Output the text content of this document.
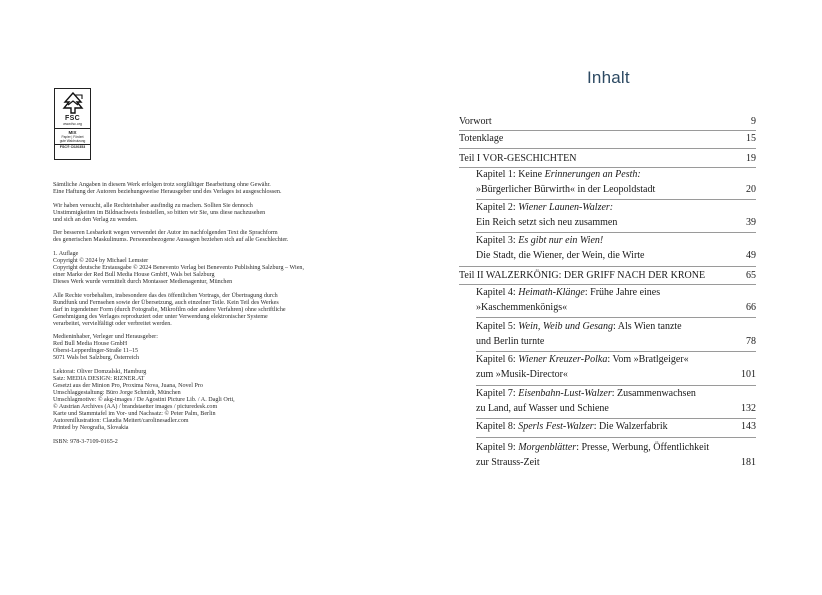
FSC
www.fsc.org
MIX
Papier | Fördert
gute Waldnutzung
FSC® C020353
Sämtliche Angaben in diesem Werk erfolgen trotz sorgfältiger Bearbeitung ohne Gewähr.
Eine Haftung der Autoren beziehungsweise Herausgeber und des Verlages ist ausgeschlossen.
Wir haben versucht, alle Rechteinhaber ausfindig zu machen. Sollten Sie dennoch
Unstimmigkeiten im Bildnachweis feststellen, so bitten wir Sie, uns diese nachzusehen
und sich an den Verlag zu wenden.
Der besseren Lesbarkeit wegen verwendet der Autor im nachfolgenden Text die Sprachform
des generischen Maskulinums. Personenbezogene Aussagen beziehen sich auf alle Geschlechter.
1. Auflage
Copyright © 2024 by Michael Lemster
Copyright deutsche Erstausgabe © 2024 Benevento Verlag bei Benevento Publishing Salzburg – Wien,
einer Marke der Red Bull Media House GmbH, Wals bei Salzburg
Dieses Werk wurde vermittelt durch Montasser Medienagentur, München
Alle Rechte vorbehalten, insbesondere das des öffentlichen Vortrags, der Übertragung durch
Rundfunk und Fernsehen sowie der Übersetzung, auch einzelner Teile. Kein Teil des Werkes
darf in irgendeiner Form (durch Fotografie, Mikrofilm oder andere Verfahren) ohne schriftliche
Genehmigung des Verlages reproduziert oder unter Verwendung elektronischer Systeme
verarbeitet, vervielfältigt oder verbreitet werden.
Medieninhaber, Verleger und Herausgeber:
Red Bull Media House GmbH
Oberst-Lepperdinger-Straße 11–15
5071 Wals bei Salzburg, Österreich
Lektorat: Oliver Domzalski, Hamburg
Satz: MEDIA DESIGN: RIZNER.AT
Gesetzt aus der Minion Pro, Proxima Nova, Juana, Novel Pro
Umschlaggestaltung: Büro Jorge Schmidt, München
Umschlagmotive: © akg-images / De Agostini Picture Lib. / A. Dagli Orti,
© Austrian Archives (AA) / brandstaetter images / picturedesk.com
Karte und Stammtafel im Vor- und Nachsatz: © Peter Palm, Berlin
Autorenillustration: Claudia Meitert/carolinesadler.com
Printed by Neografia, Slovakia
ISBN: 978-3-7109-0165-2
Inhalt
Vorwort	9
Totenklage	15
Teil I VOR-GESCHICHTEN	19
Kapitel 1: Keine Erinnerungen an Pesth:
»Bürgerlicher Bürwirth« in der Leopoldstadt	20
Kapitel 2: Wiener Launen-Walzer:
Ein Reich setzt sich neu zusammen	39
Kapitel 3: Es gibt nur ein Wien!
Die Stadt, die Wiener, der Wein, die Wirte	49
Teil II WALZERKÖNIG: DER GRIFF NACH DER KRONE	65
Kapitel 4: Heimath-Klänge: Frühe Jahre eines
»Kaschemmenkönigs«	66
Kapitel 5: Wein, Weib und Gesang: Als Wien tanzte
und Berlin turnte	78
Kapitel 6: Wiener Kreuzer-Polka: Vom »Bratlgeiger«
zum »Musik-Director«	101
Kapitel 7: Eisenbahn-Lust-Walzer: Zusammenwachsen
zu Land, auf Wasser und Schiene	132
Kapitel 8: Sperls Fest-Walzer: Die Walzerfabrik	143
Kapitel 9: Morgenblätter: Presse, Werbung, Öffentlichkeit
zur Strauss-Zeit	181
